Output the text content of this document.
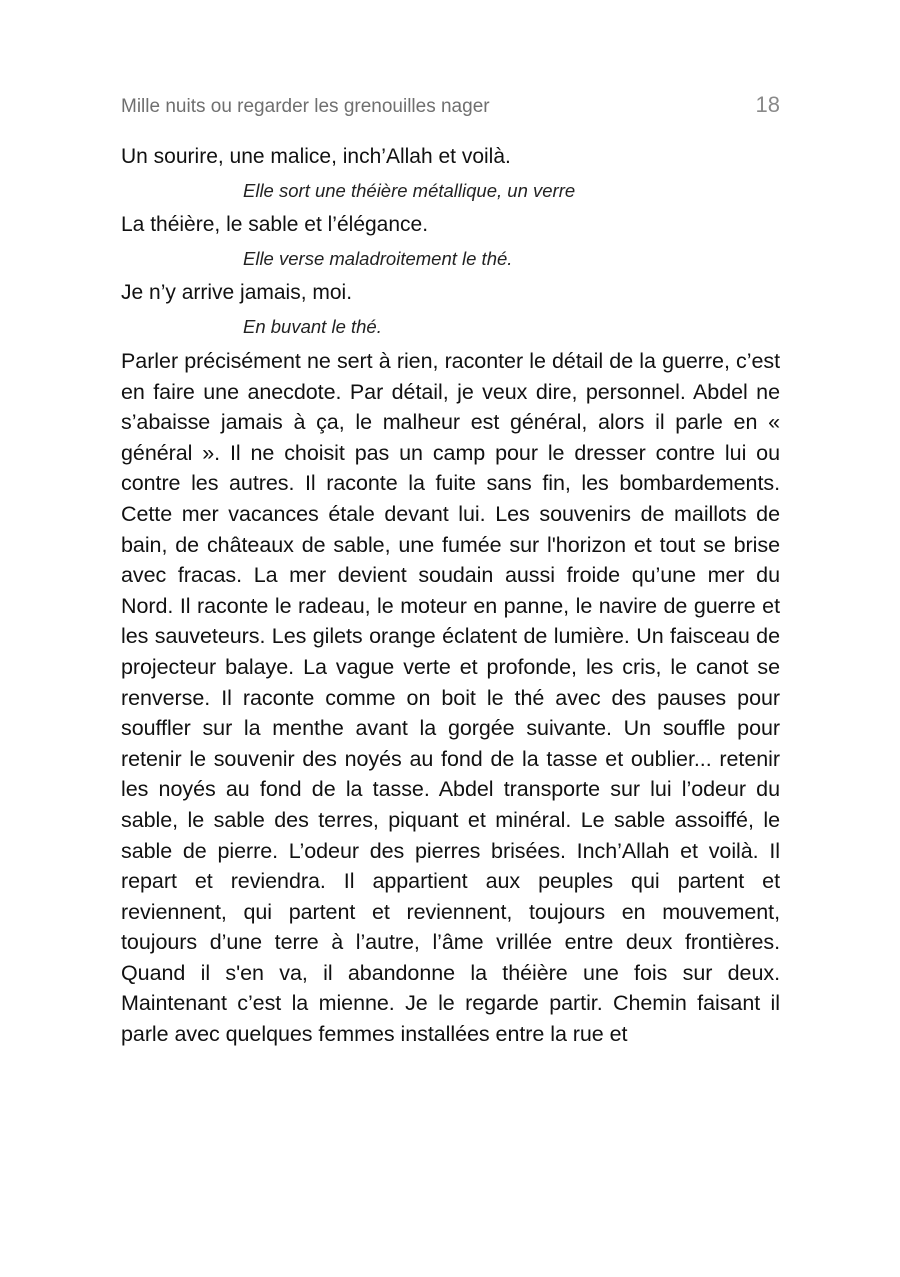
Mille nuits ou regarder les grenouilles nager	18

Un sourire, une malice, inch’Allah et voilà.

Elle sort une théière métallique, un verre

La théière, le sable et l’élégance.

Elle verse maladroitement le thé.

Je n’y arrive jamais, moi.

En buvant le thé.

Parler précisément ne sert à rien, raconter le détail de la guerre, c’est en faire une anecdote. Par détail, je veux dire, personnel. Abdel ne s’abaisse jamais à ça, le malheur est général, alors il parle en « général ». Il ne choisit pas un camp pour le dresser contre lui ou contre les autres. Il raconte la fuite sans fin, les bombardements. Cette mer vacances étale devant lui. Les souvenirs de maillots de bain, de châteaux de sable, une fumée sur l'horizon et tout se brise avec fracas. La mer devient soudain aussi froide qu’une mer du Nord. Il raconte le radeau, le moteur en panne, le navire de guerre et les sauveteurs. Les gilets orange éclatent de lumière. Un faisceau de projecteur balaye. La vague verte et profonde, les cris, le canot se renverse. Il raconte comme on boit le thé avec des pauses pour souffler sur la menthe avant la gorgée suivante. Un souffle pour retenir le souvenir des noyés au fond de la tasse et oublier... retenir les noyés au fond de la tasse. Abdel transporte sur lui l’odeur du sable, le sable des terres, piquant et minéral. Le sable assoiffé, le sable de pierre. L’odeur des pierres brisées. Inch’Allah et voilà. Il repart et reviendra. Il appartient aux peuples qui partent et reviennent, qui partent et reviennent, toujours en mouvement, toujours d’une terre à l’autre, l’âme vrillée entre deux frontières. Quand il s'en va, il abandonne la théière une fois sur deux. Maintenant c’est la mienne. Je le regarde partir. Chemin faisant il parle avec quelques femmes installées entre la rue et
